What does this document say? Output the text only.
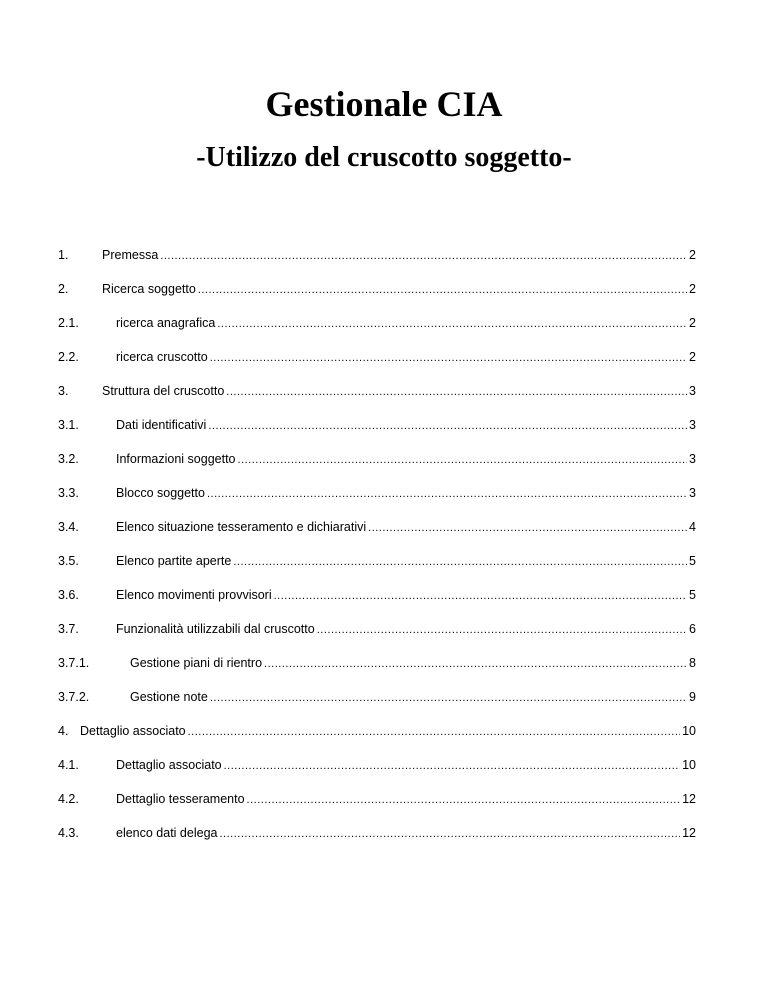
Gestionale CIA
-Utilizzo del cruscotto soggetto-
1.	Premessa .....	2
2.	Ricerca soggetto .....	2
2.1.	ricerca anagrafica .....	2
2.2.	ricerca cruscotto .....	2
3.	Struttura del cruscotto .....	3
3.1.	Dati identificativi .....	3
3.2.	Informazioni soggetto .....	3
3.3.	Blocco soggetto .....	3
3.4.	Elenco situazione tesseramento e dichiarativi .....	4
3.5.	Elenco partite aperte .....	5
3.6.	Elenco movimenti provvisori .....	5
3.7.	Funzionalità utilizzabili dal cruscotto .....	6
3.7.1.	Gestione piani di rientro .....	8
3.7.2.	Gestione note .....	9
4. Dettaglio associato .....	10
4.1.	Dettaglio associato .....	10
4.2.	Dettaglio tesseramento .....	12
4.3.	elenco dati delega .....	12
